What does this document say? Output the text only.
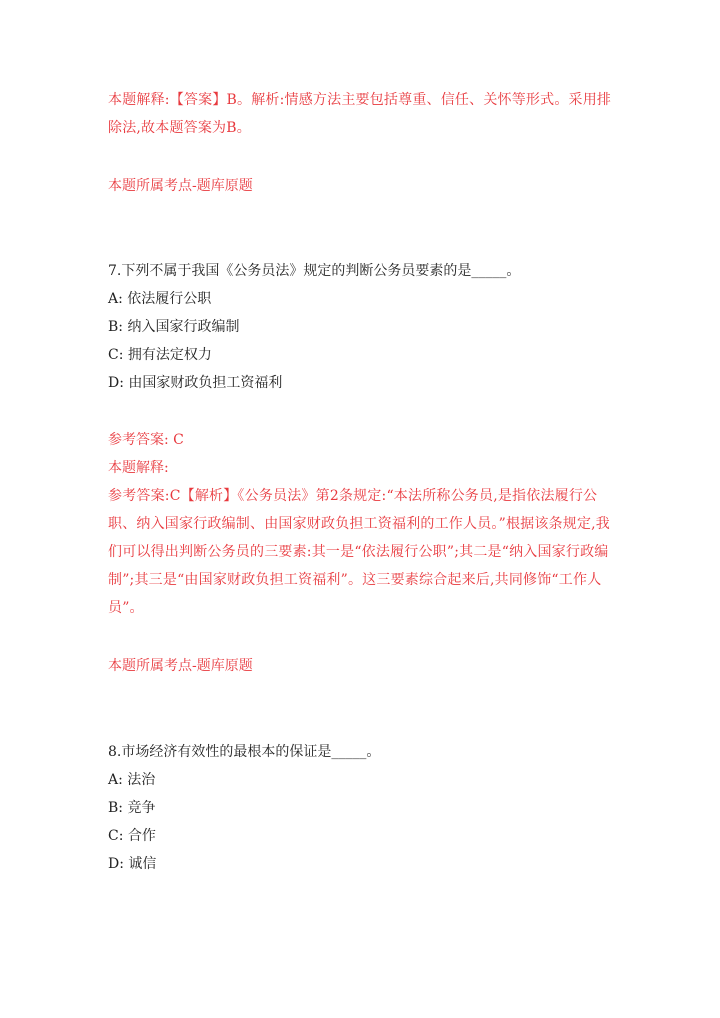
本题解释:【答案】B。解析:情感方法主要包括尊重、信任、关怀等形式。采用排除法,故本题答案为B。
本题所属考点-题库原题
7.下列不属于我国《公务员法》规定的判断公务员要素的是_____。
A: 依法履行公职
B: 纳入国家行政编制
C: 拥有法定权力
D: 由国家财政负担工资福利
参考答案: C
本题解释:
参考答案:C【解析】《公务员法》第2条规定:“本法所称公务员,是指依法履行公职、纳入国家行政编制、由国家财政负担工资福利的工作人员。”根据该条规定,我们可以得出判断公务员的三要素:其一是“依法履行公职”;其二是“纳入国家行政编制”;其三是“由国家财政负担工资福利”。这三要素综合起来后,共同修饰“工作人员”。
本题所属考点-题库原题
8.市场经济有效性的最根本的保证是_____。
A: 法治
B: 竞争
C: 合作
D: 诚信
